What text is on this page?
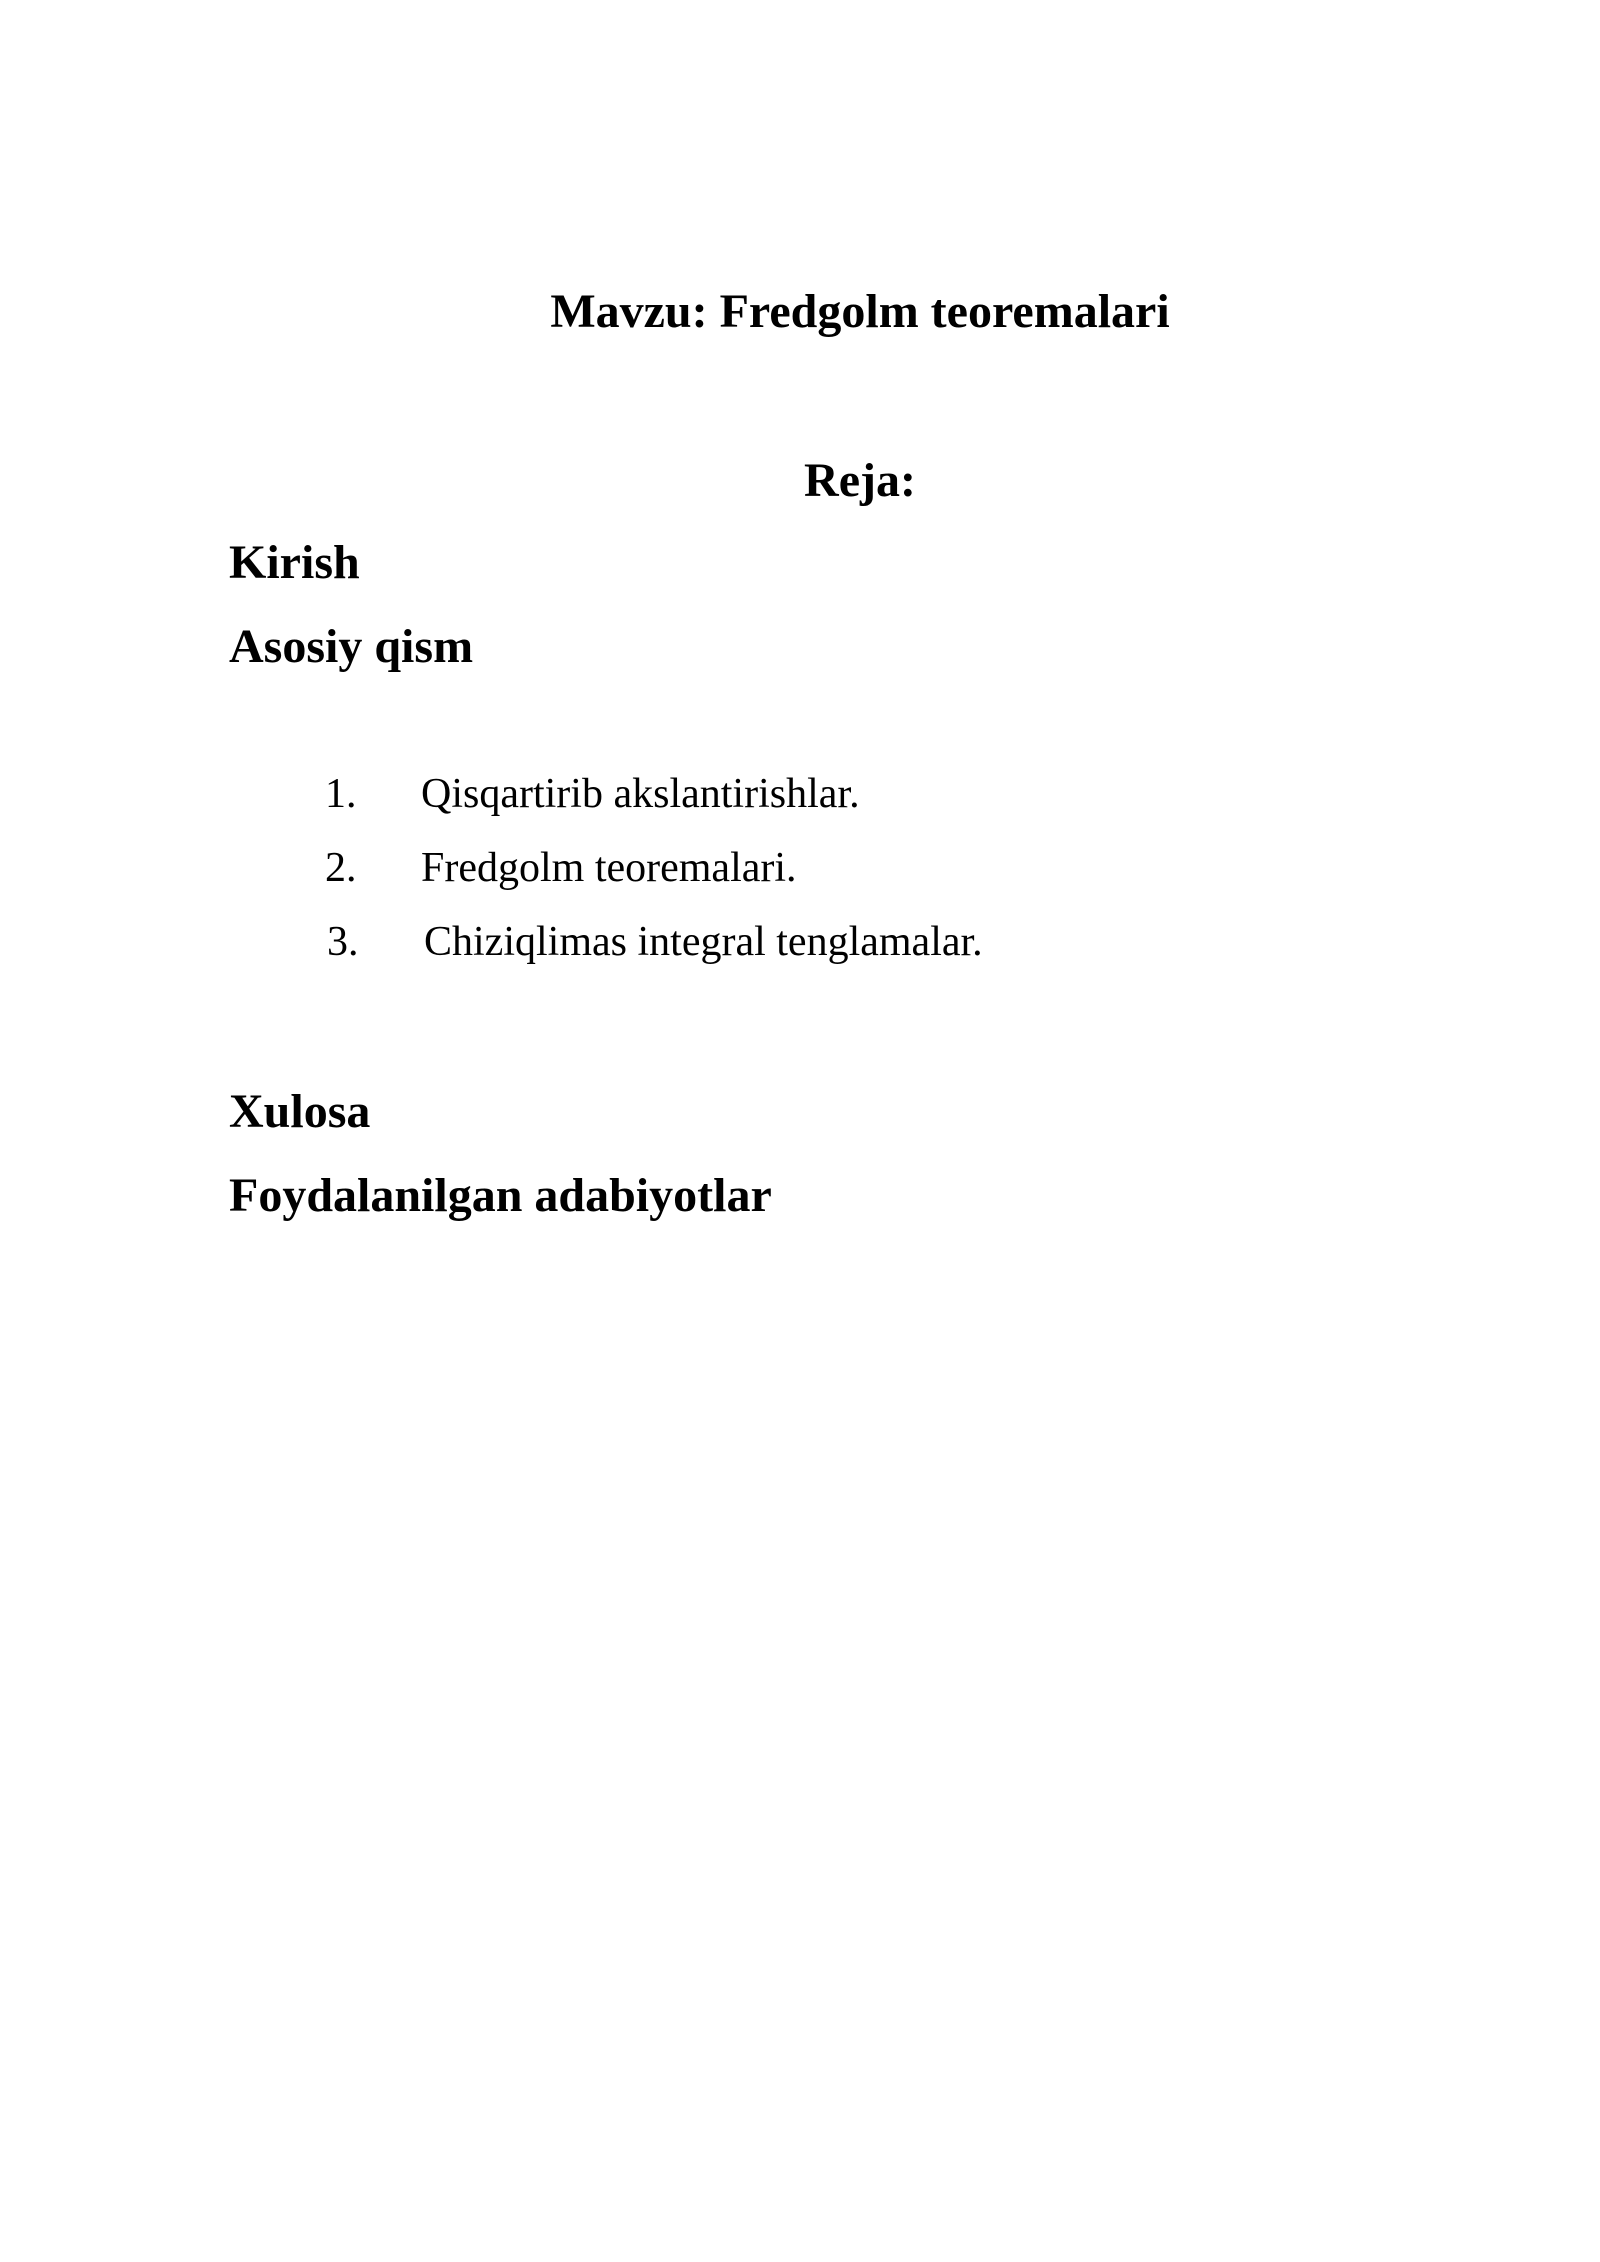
Mavzu: Fredgolm teoremalari
Reja:
Kirish
Asosiy qism
1. Qisqartirib akslantirishlar.
2. Fredgolm teoremalari.
3. Chiziqlimas integral tenglamalar.
Xulosa
Foydalanilgan adabiyotlar
